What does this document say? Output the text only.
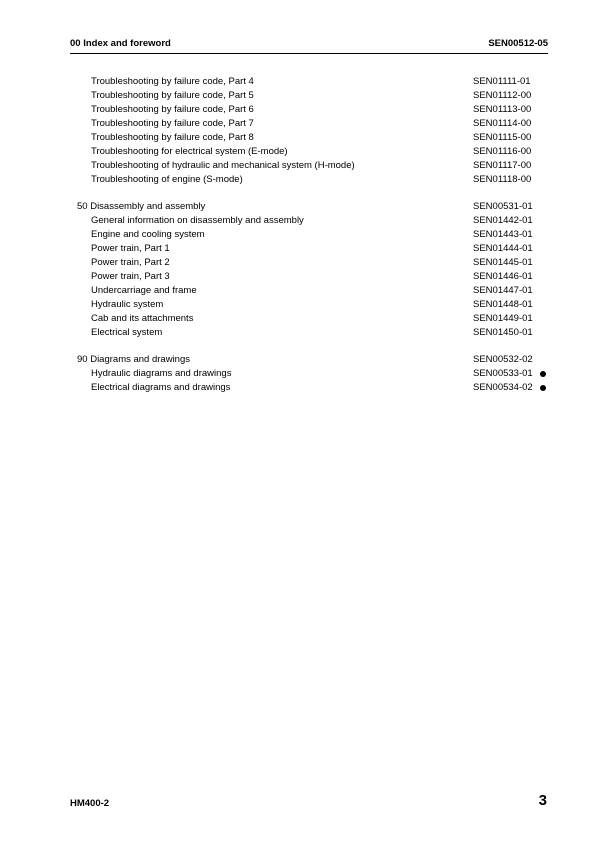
00 Index and foreword	SEN00512-05
Troubleshooting by failure code, Part 4	SEN01111-01
Troubleshooting by failure code, Part 5	SEN01112-00
Troubleshooting by failure code, Part 6	SEN01113-00
Troubleshooting by failure code, Part 7	SEN01114-00
Troubleshooting by failure code, Part 8	SEN01115-00
Troubleshooting for electrical system (E-mode)	SEN01116-00
Troubleshooting of hydraulic and mechanical system (H-mode)	SEN01117-00
Troubleshooting of engine (S-mode)	SEN01118-00
50 Disassembly and assembly	SEN00531-01
General information on disassembly and assembly	SEN01442-01
Engine and cooling system	SEN01443-01
Power train, Part 1	SEN01444-01
Power train, Part 2	SEN01445-01
Power train, Part 3	SEN01446-01
Undercarriage and frame	SEN01447-01
Hydraulic system	SEN01448-01
Cab and its attachments	SEN01449-01
Electrical system	SEN01450-01
90 Diagrams and drawings	SEN00532-02
Hydraulic diagrams and drawings	SEN00533-01
Electrical diagrams and drawings	SEN00534-02
HM400-2	3
